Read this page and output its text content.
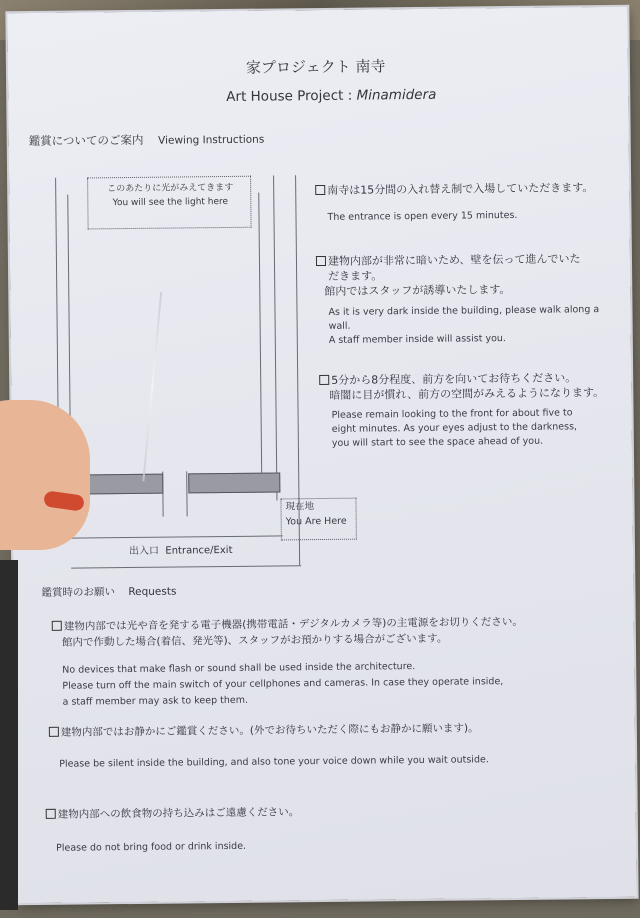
家プロジェクト 南寺
Art House Project : Minamidera
鑑賞についてのご案内 Viewing Instructions
このあたりに光がみえてきます
You will see the light here
現在地
You Are Here
出入口 Entrance/Exit
南寺は15分間の入れ替え制で入場していただきます。
The entrance is open every 15 minutes.
建物内部が非常に暗いため、壁を伝って進んでいた
だきます。
館内ではスタッフが誘導いたします。
As it is very dark inside the building, please walk along a
wall.
A staff member inside will assist you.
5分から8分程度、前方を向いてお待ちください。
暗闇に目が慣れ、前方の空間がみえるようになります。
Please remain looking to the front for about five to
eight minutes. As your eyes adjust to the darkness,
you will start to see the space ahead of you.
鑑賞時のお願い Requests
建物内部では光や音を発する電子機器(携帯電話・デジタルカメラ等)の主電源をお切りください。
館内で作動した場合(着信、発光等)、スタッフがお預かりする場合がございます。
No devices that make flash or sound shall be used inside the architecture.
Please turn off the main switch of your cellphones and cameras. In case they operate inside,
a staff member may ask to keep them.
建物内部ではお静かにご鑑賞ください。(外でお待ちいただく際にもお静かに願います)。
Please be silent inside the building, and also tone your voice down while you wait outside.
建物内部への飲食物の持ち込みはご遠慮ください。
Please do not bring food or drink inside.
